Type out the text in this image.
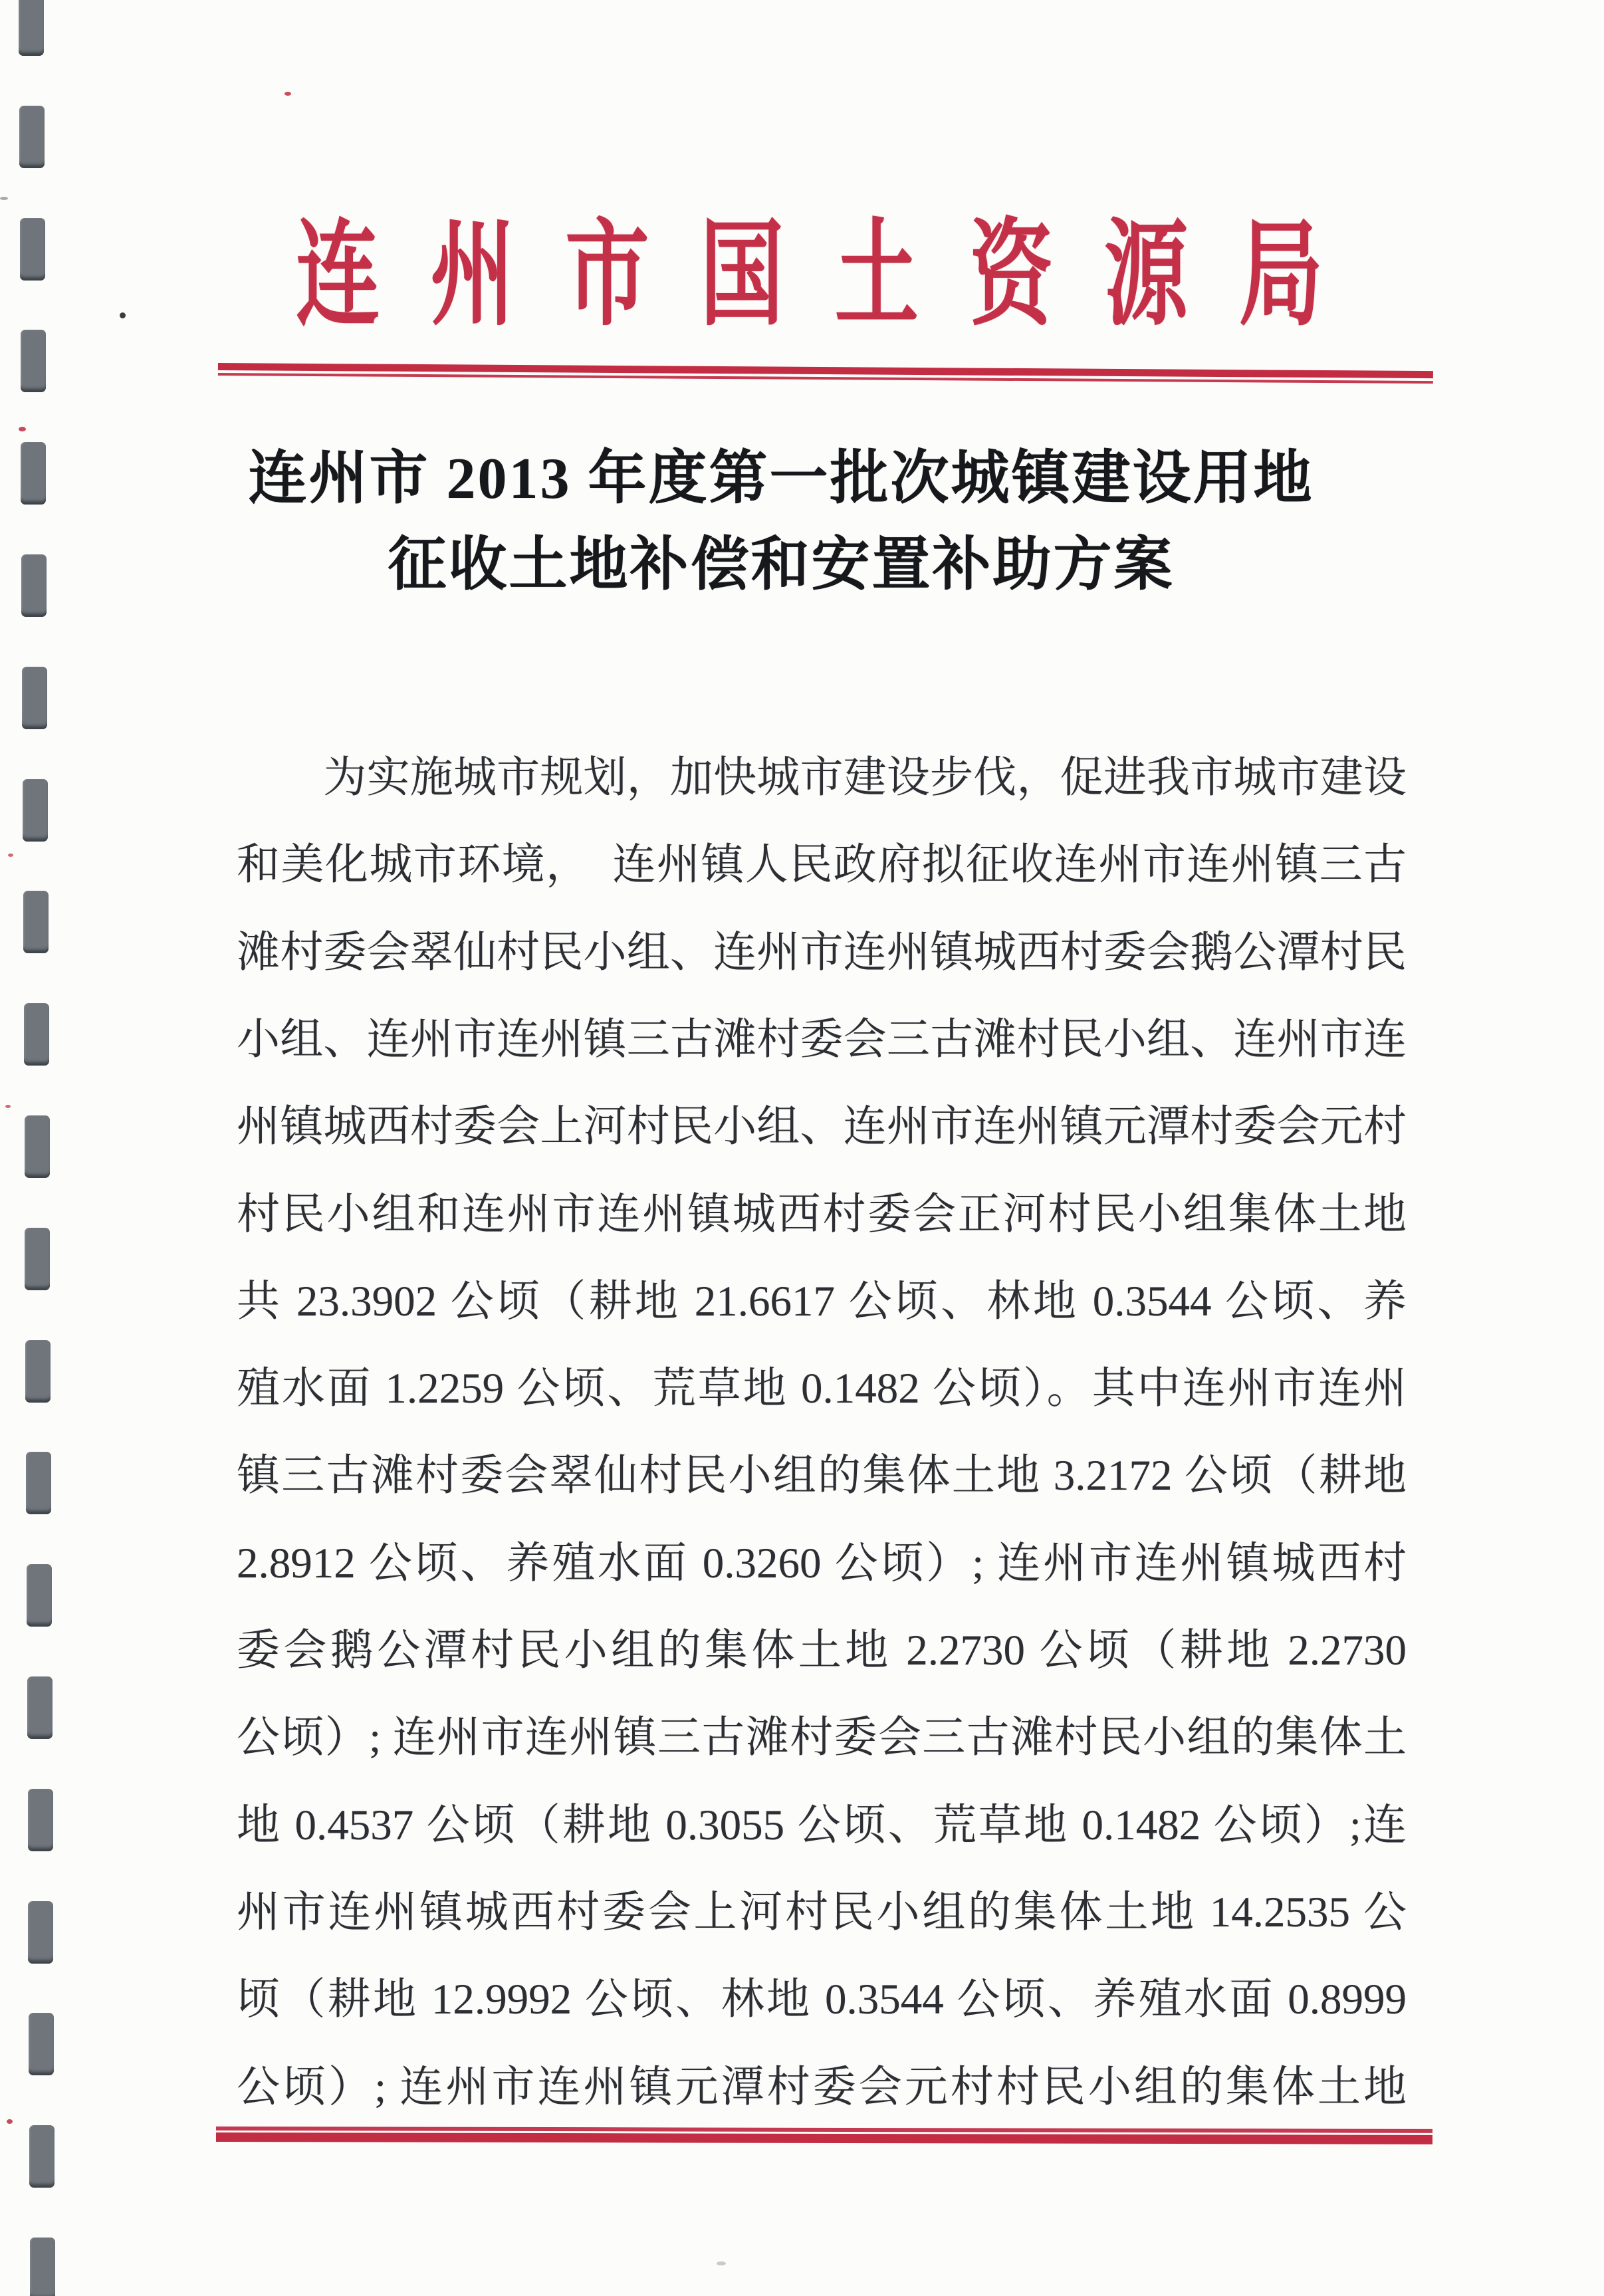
连 州 市 国 土 资 源 局
连州市 2013 年度第一批次城镇建设用地
征收土地补偿和安置补助方案
　　为实施城市规划，加快城市建设步伐，促进我市城市建设
和美化城市环境，　连州镇人民政府拟征收连州市连州镇三古
滩村委会翠仙村民小组、连州市连州镇城西村委会鹅公潭村民
小组、连州市连州镇三古滩村委会三古滩村民小组、连州市连
州镇城西村委会上河村民小组、连州市连州镇元潭村委会元村
村民小组和连州市连州镇城西村委会正河村民小组集体土地
共 23.3902 公顷（耕地 21.6617 公顷、林地 0.3544 公顷、养
殖水面 1.2259 公顷、荒草地 0.1482 公顷）。其中连州市连州
镇三古滩村委会翠仙村民小组的集体土地 3.2172 公顷（耕地
2.8912 公顷、养殖水面 0.3260 公顷）; 连州市连州镇城西村
委会鹅公潭村民小组的集体土地 2.2730 公顷（耕地 2.2730
公顷）; 连州市连州镇三古滩村委会三古滩村民小组的集体土
地 0.4537 公顷（耕地 0.3055 公顷、荒草地 0.1482 公顷）;连
州市连州镇城西村委会上河村民小组的集体土地 14.2535 公
顷（耕地 12.9992 公顷、林地 0.3544 公顷、养殖水面 0.8999
公顷）; 连州市连州镇元潭村委会元村村民小组的集体土地
